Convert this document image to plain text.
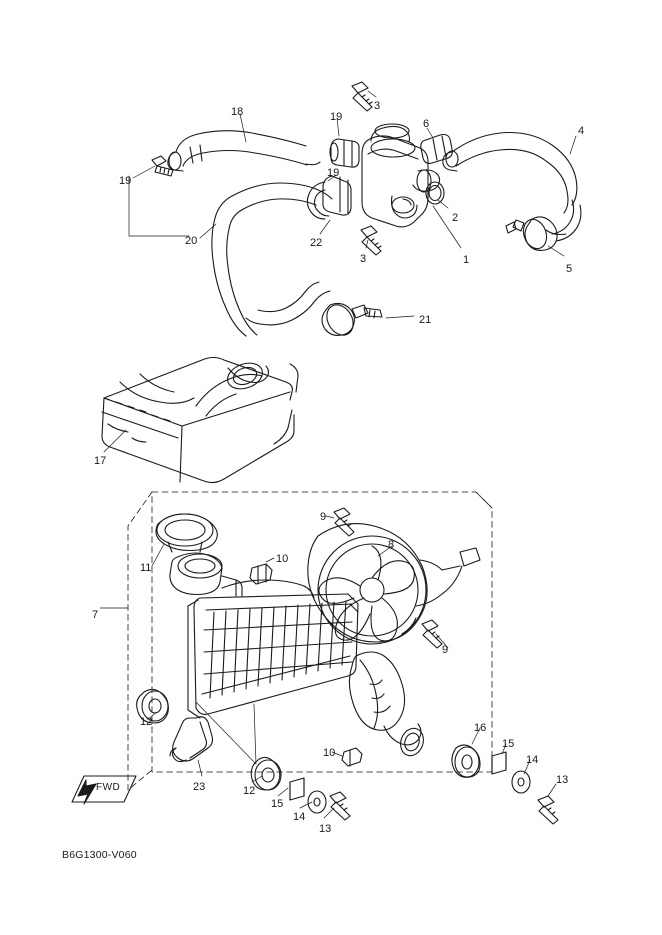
3
18	19
6
4
19
19
2
20	22
3	1
5
21
17
9
8
10
11
7
9
12	16
10
15
14
13
23	12
15
14
13
FWD
B6G1300-V060
